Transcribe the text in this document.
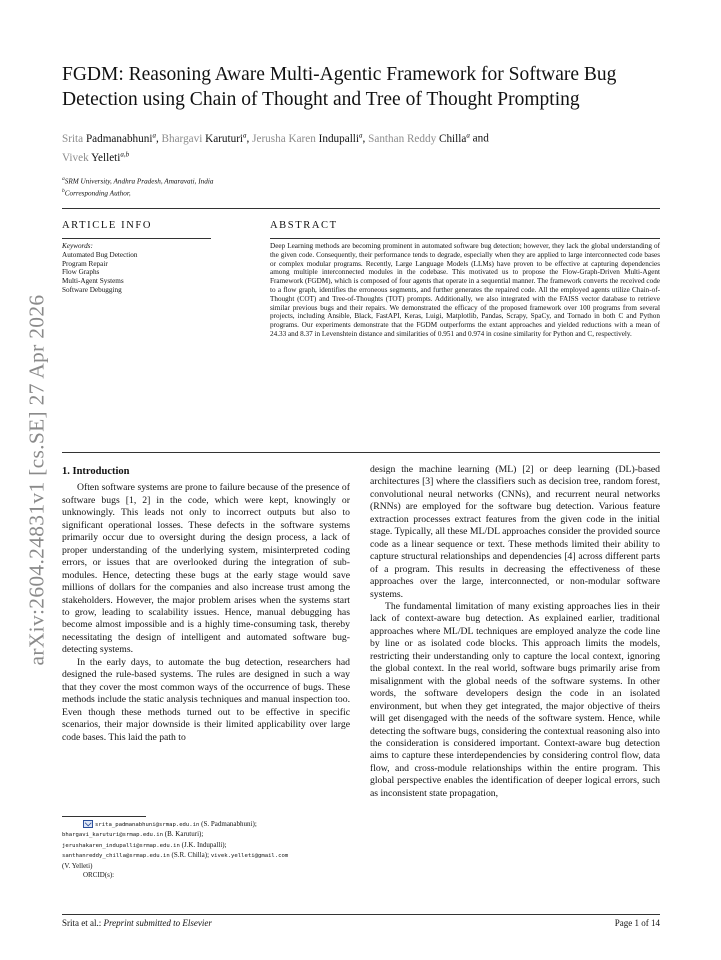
arXiv:2604.24831v1 [cs.SE] 27 Apr 2026
FGDM: Reasoning Aware Multi-Agentic Framework for Software Bug Detection using Chain of Thought and Tree of Thought Prompting
Srita Padmanabhuni$^a$, Bhargavi Karuturi$^a$, Jerusha Karen Indupalli$^a$, Santhan Reddy Chilla$^a$ and
Vivek Yelleti$^{a,b}$
$^a$SRM University, Andhra Pradesh, Amaravati, India
$^b$Corresponding Author,
ARTICLE INFO
Keywords:
Automated Bug Detection
Program Repair
Flow Graphs
Multi-Agent Systems
Software Debugging
ABSTRACT
Deep Learning methods are becoming prominent in automated software bug detection; however, they lack the global understanding of the given code. Consequently, their performance tends to degrade, especially when they are applied to large interconnected code bases or complex modular programs. Recently, Large Language Models (LLMs) have proven to be effective at capturing dependencies among multiple interconnected modules in the codebase. This motivated us to propose the Flow-Graph-Driven Multi-Agent Framework (FGDM), which is composed of four agents that operate in a sequential manner. The framework converts the received code to a flow graph, identifies the erroneous segments, and further generates the repaired code. All the employed agents utilize Chain-of-Thought (COT) and Tree-of-Thoughts (TOT) prompts. Additionally, we also integrated with the FAISS vector database to retrieve similar previous bugs and their repairs. We demonstrated the efficacy of the proposed framework over 100 programs from several projects, including Ansible, Black, FastAPI, Keras, Luigi, Matplotlib, Pandas, Scrapy, SpaCy, and Tornado in both C and Python programs. Our experiments demonstrate that the FGDM outperforms the extant approaches and yielded reductions with a mean of 24.33 and 8.37 in Levenshtein distance and similarities of 0.951 and 0.974 in cosine similarity for Python and C, respectively.
1. Introduction

Often software systems are prone to failure because of the presence of software bugs [1, 2] in the code, which were kept, knowingly or unknowingly. This leads not only to incorrect outputs but also to significant operational losses. These defects in the software systems primarily occur due to oversight during the design process, a lack of proper understanding of the underlying system, misinterpreted coding errors, or issues that are overlooked during the integration of sub-modules. Hence, detecting these bugs at the early stage would save millions of dollars for the companies and also increase trust among the stakeholders. However, the major problem arises when the systems start to grow, leading to scalability issues. Hence, manual debugging has become almost impossible and is a highly time-consuming task, thereby necessitating the design of intelligent and automated software bug-detecting systems.

In the early days, to automate the bug detection, researchers had designed the rule-based systems. The rules are designed in such a way that they cover the most common ways of the occurrence of bugs. These methods include the static analysis techniques and manual inspection too. Even though these methods turned out to be effective in specific scenarios, their major downside is their limited applicability over large code bases. This laid the path to

design the machine learning (ML) [2] or deep learning (DL)-based architectures [3] where the classifiers such as decision tree, random forest, convolutional neural networks (CNNs), and recurrent neural networks (RNNs) are employed for the software bug detection. Various feature extraction processes extract features from the given code in the initial stage. Typically, all these ML/DL approaches consider the provided source code as a linear sequence or text. These methods limited their ability to capture structural relationships and dependencies [4] across different parts of a program. This results in decreasing the effectiveness of these approaches over the large, interconnected, or non-modular software systems.

The fundamental limitation of many existing approaches lies in their lack of context-aware bug detection. As explained earlier, traditional approaches where ML/DL techniques are employed analyze the code line by line or as isolated code blocks. This approach limits the models, restricting their understanding only to capture the local context, ignoring the global context. In the real world, software bugs primarily arise from misalignment with the global needs of the software systems. In other words, the software developers design the code in an isolated environment, but when they get integrated, the major objective of theirs will get disengaged with the needs of the software system. Hence, while detecting the software bugs, considering the contextual reasoning also into the consideration is considered important. Context-aware bug detection aims to capture these interdependencies by considering control flow, data flow, and cross-module relationships within the entire program. This global perspective enables the identification of deeper logical errors, such as inconsistent state propagation,

srita_padmanabhuni@srmap.edu.in (S. Padmanabhuni);
bhargavi_karuturi@srmap.edu.in (B. Karuturi);
jerushakaren_indupalli@srmap.edu.in (J.K. Indupalli);
santhanreddy_chilla@srmap.edu.in (S.R. Chilla); vivek.yelleti@gmail.com
(V. Yelleti)
ORCID(s):
Srita et al.: Preprint submitted to Elsevier	Page 1 of 14
